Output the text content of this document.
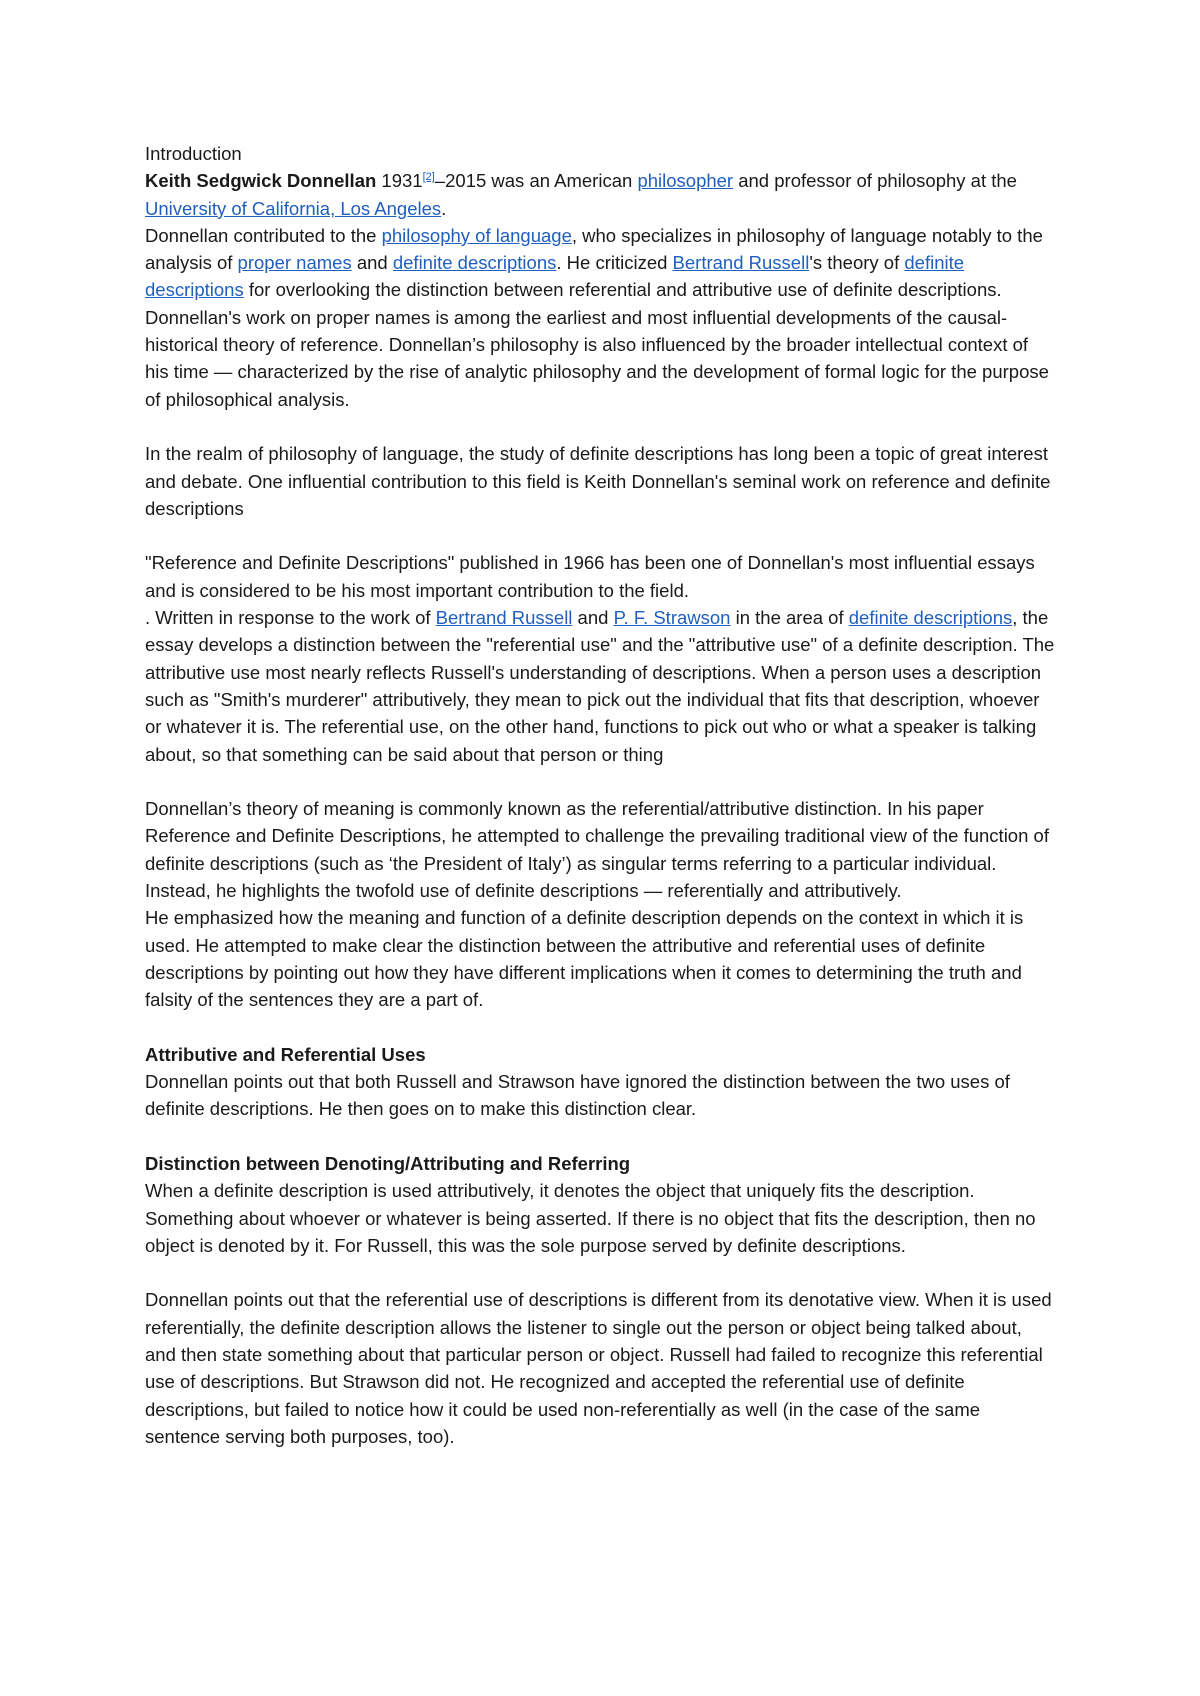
Introduction

Keith Sedgwick Donnellan 1931[2]–2015 was an American philosopher and professor of philosophy at the University of California, Los Angeles.

Donnellan contributed to the philosophy of language, who specializes in philosophy of language notably to the analysis of proper names and definite descriptions. He criticized Bertrand Russell's theory of definite descriptions for overlooking the distinction between referential and attributive use of definite descriptions. Donnellan's work on proper names is among the earliest and most influential developments of the causal-historical theory of reference. Donnellan’s philosophy is also influenced by the broader intellectual context of his time — characterized by the rise of analytic philosophy and the development of formal logic for the purpose of philosophical analysis.

In the realm of philosophy of language, the study of definite descriptions has long been a topic of great interest and debate. One influential contribution to this field is Keith Donnellan's seminal work on reference and definite descriptions

"Reference and Definite Descriptions" published in 1966 has been one of Donnellan's most influential essays and is considered to be his most important contribution to the field.

. Written in response to the work of Bertrand Russell and P. F. Strawson in the area of definite descriptions, the essay develops a distinction between the "referential use" and the "attributive use" of a definite description. The attributive use most nearly reflects Russell's understanding of descriptions. When a person uses a description such as "Smith's murderer" attributively, they mean to pick out the individual that fits that description, whoever or whatever it is. The referential use, on the other hand, functions to pick out who or what a speaker is talking about, so that something can be said about that person or thing

Donnellan’s theory of meaning is commonly known as the referential/attributive distinction. In his paper Reference and Definite Descriptions, he attempted to challenge the prevailing traditional view of the function of definite descriptions (such as ‘the President of Italy’) as singular terms referring to a particular individual. Instead, he highlights the twofold use of definite descriptions — referentially and attributively.

He emphasized how the meaning and function of a definite description depends on the context in which it is used. He attempted to make clear the distinction between the attributive and referential uses of definite descriptions by pointing out how they have different implications when it comes to determining the truth and falsity of the sentences they are a part of.

Attributive and Referential Uses

Donnellan points out that both Russell and Strawson have ignored the distinction between the two uses of definite descriptions. He then goes on to make this distinction clear.

Distinction between Denoting/Attributing and Referring

When a definite description is used attributively, it denotes the object that uniquely fits the description. Something about whoever or whatever is being asserted. If there is no object that fits the description, then no object is denoted by it. For Russell, this was the sole purpose served by definite descriptions.

Donnellan points out that the referential use of descriptions is different from its denotative view. When it is used referentially, the definite description allows the listener to single out the person or object being talked about, and then state something about that particular person or object. Russell had failed to recognize this referential use of descriptions. But Strawson did not. He recognized and accepted the referential use of definite descriptions, but failed to notice how it could be used non-referentially as well (in the case of the same sentence serving both purposes, too).
